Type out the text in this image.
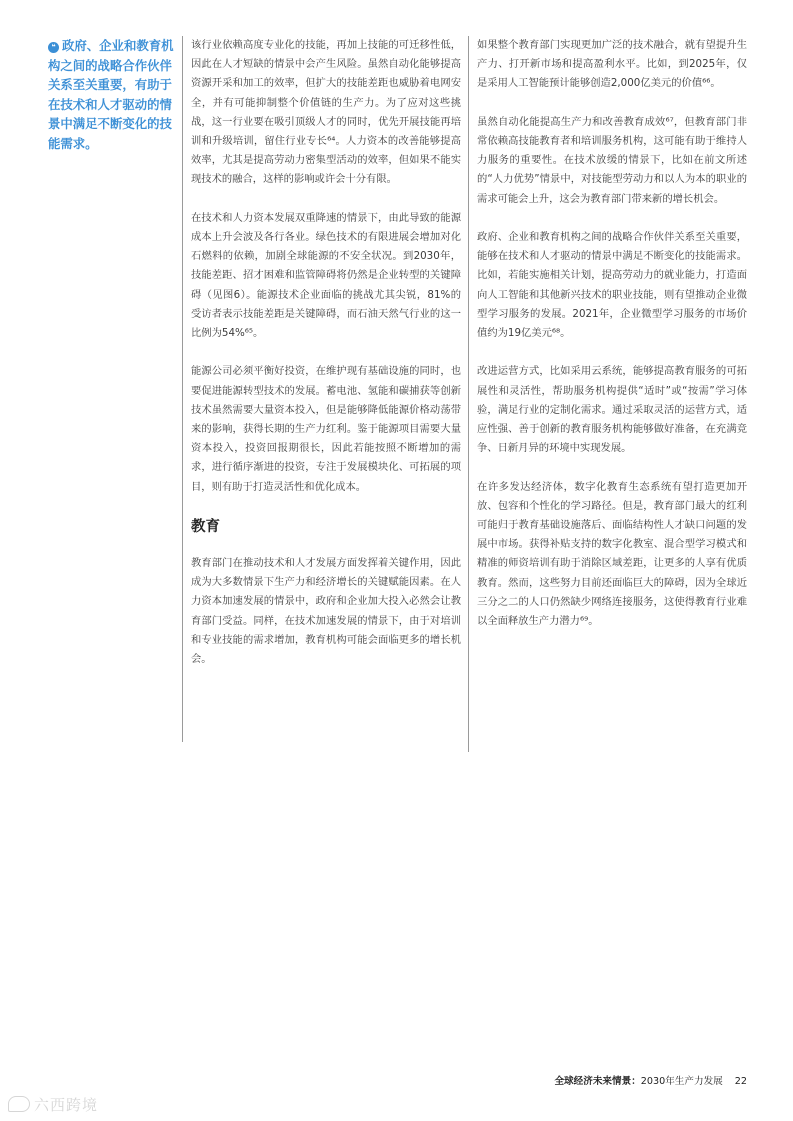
❝ 政府、企业和教育机构之间的战略合作伙伴关系至关重要，有助于在技术和人才驱动的情景中满足不断变化的技能需求。

该行业依赖高度专业化的技能，再加上技能的可迁移性低，因此在人才短缺的情景中会产生风险。虽然自动化能够提高资源开采和加工的效率，但扩大的技能差距也威胁着电网安全，并有可能抑制整个价值链的生产力。为了应对这些挑战，这一行业要在吸引顶级人才的同时，优先开展技能再培训和升级培训，留住行业专长⁶⁴。人力资本的改善能够提高效率，尤其是提高劳动力密集型活动的效率，但如果不能实现技术的融合，这样的影响或许会十分有限。

在技术和人力资本发展双重降速的情景下，由此导致的能源成本上升会波及各行各业。绿色技术的有限进展会增加对化石燃料的依赖，加剧全球能源的不安全状况。到2030年，技能差距、招才困难和监管障碍将仍然是企业转型的关键障碍（见图6）。能源技术企业面临的挑战尤其尖锐，81%的受访者表示技能差距是关键障碍，而石油天然气行业的这一比例为54%⁶⁵。

能源公司必须平衡好投资，在维护现有基础设施的同时，也要促进能源转型技术的发展。蓄电池、氢能和碳捕获等创新技术虽然需要大量资本投入，但是能够降低能源价格动荡带来的影响，获得长期的生产力红利。鉴于能源项目需要大量资本投入，投资回报期很长，因此若能按照不断增加的需求，进行循序渐进的投资，专注于发展模块化、可拓展的项目，则有助于打造灵活性和优化成本。

教育

教育部门在推动技术和人才发展方面发挥着关键作用，因此成为大多数情景下生产力和经济增长的关键赋能因素。在人力资本加速发展的情景中，政府和企业加大投入必然会让教育部门受益。同样，在技术加速发展的情景下，由于对培训和专业技能的需求增加，教育机构可能会面临更多的增长机会。

如果整个教育部门实现更加广泛的技术融合，就有望提升生产力、打开新市场和提高盈利水平。比如，到2025年，仅是采用人工智能预计能够创造2,000亿美元的价值⁶⁶。

虽然自动化能提高生产力和改善教育成效⁶⁷，但教育部门非常依赖高技能教育者和培训服务机构，这可能有助于维持人力服务的重要性。在技术放缓的情景下，比如在前文所述的“人力优势”情景中，对技能型劳动力和以人为本的职业的需求可能会上升，这会为教育部门带来新的增长机会。

政府、企业和教育机构之间的战略合作伙伴关系至关重要，能够在技术和人才驱动的情景中满足不断变化的技能需求。比如，若能实施相关计划，提高劳动力的就业能力，打造面向人工智能和其他新兴技术的职业技能，则有望推动企业微型学习服务的发展。2021年，企业微型学习服务的市场价值约为19亿美元⁶⁸。

改进运营方式，比如采用云系统，能够提高教育服务的可拓展性和灵活性，帮助服务机构提供“适时”或“按需”学习体验，满足行业的定制化需求。通过采取灵活的运营方式，适应性强、善于创新的教育服务机构能够做好准备，在充满竞争、日新月异的环境中实现发展。

在许多发达经济体，数字化教育生态系统有望打造更加开放、包容和个性化的学习路径。但是，教育部门最大的红利可能归于教育基础设施落后、面临结构性人才缺口问题的发展中市场。获得补贴支持的数字化教室、混合型学习模式和精准的师资培训有助于消除区域差距，让更多的人享有优质教育。然而，这些努力目前还面临巨大的障碍，因为全球近三分之二的人口仍然缺少网络连接服务，这使得教育行业难以全面释放生产力潜力⁶⁹。

全球经济未来情景：2030年生产力发展 22
六西跨境
